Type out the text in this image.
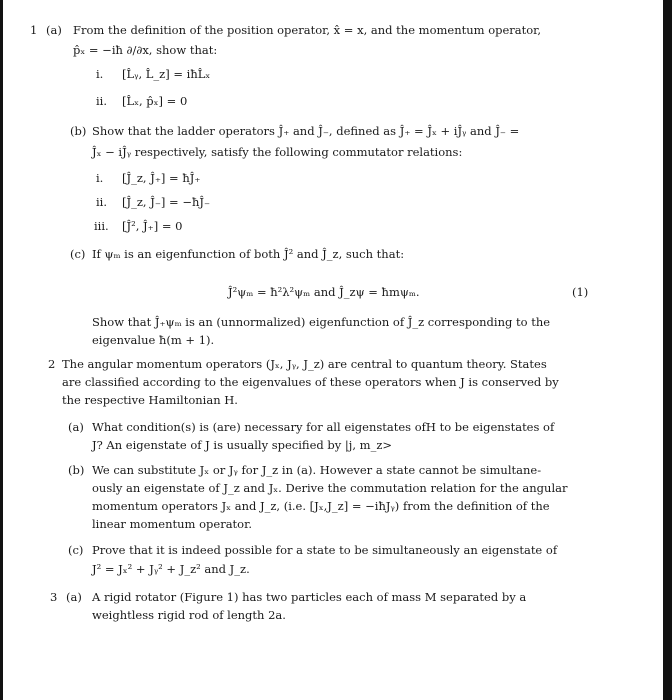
1 (a) From the definition of the position operator, x̂ = x, and the momentum operator,
p̂ₓ = −iħ ∂/∂x, show that:
i. [L̂ᵧ, L̂_z] = iħL̂ₓ
ii. [L̂ₓ, p̂ₓ] = 0
(b) Show that the ladder operators Ĵ₊ and Ĵ₋, defined as Ĵ₊ = Ĵₓ + iĴᵧ and Ĵ₋ =
Ĵₓ − iĴᵧ respectively, satisfy the following commutator relations:
i. [Ĵ_z, Ĵ₊] = ħĴ₊
ii. [Ĵ_z, Ĵ₋] = −ħĴ₋
iii. [Ĵ², Ĵ₊] = 0
(c) If ψₘ is an eigenfunction of both Ĵ² and Ĵ_z, such that:
Ĵ²ψₘ = ħ²λ²ψₘ and Ĵ_zψ = ħmψₘ.	(1)
Show that Ĵ₊ψₘ is an (unnormalized) eigenfunction of Ĵ_z corresponding to the
eigenvalue ħ(m + 1).
2 The angular momentum operators (Jₓ, Jᵧ, J_z) are central to quantum theory. States
are classified according to the eigenvalues of these operators when J is conserved by
the respective Hamiltonian H.
(a) What condition(s) is (are) necessary for all eigenstates ofH to be eigenstates of
J? An eigenstate of J is usually specified by |j, m_z>
(b) We can substitute Jₓ or Jᵧ for J_z in (a). However a state cannot be simultane-
ously an eigenstate of J_z and Jₓ. Derive the commutation relation for the angular
momentum operators Jₓ and J_z, (i.e. [Jₓ,J_z] = −iħJᵧ) from the definition of the
linear momentum operator.
(c) Prove that it is indeed possible for a state to be simultaneously an eigenstate of
J² = Jₓ² + Jᵧ² + J_z² and J_z.
3 (a) A rigid rotator (Figure 1) has two particles each of mass M separated by a
weightless rigid rod of length 2a.
